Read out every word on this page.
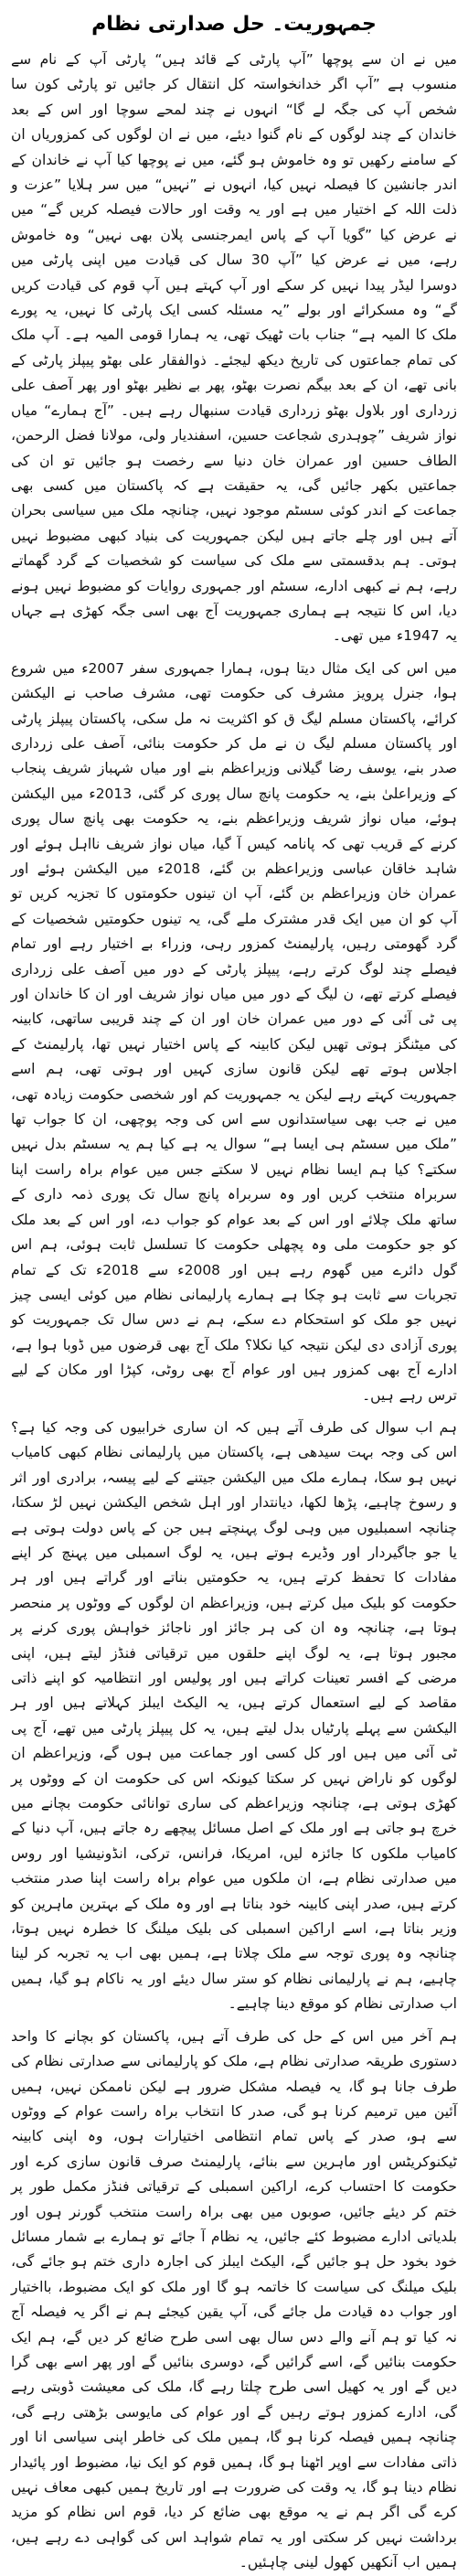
جمہوریت۔ حل صدارتی نظام

میں نے ان سے پوچھا ”آپ پارٹی کے قائد ہیں“ پارٹی آپ کے نام سے منسوب ہے ”آپ اگر خدانخواستہ کل انتقال کر جائیں تو پارٹی کون سا شخص آپ کی جگہ لے گا“ انہوں نے چند لمحے سوچا اور اس کے بعد خاندان کے چند لوگوں کے نام گنوا دیئے، میں نے ان لوگوں کی کمزوریاں ان کے سامنے رکھیں تو وہ خاموش ہو گئے، میں نے پوچھا کیا آپ نے خاندان کے اندر جانشین کا فیصلہ نہیں کیا، انہوں نے ”نہیں“ میں سر ہلایا ”عزت و ذلت اللہ کے اختیار میں ہے اور یہ وقت اور حالات فیصلہ کریں گے“ میں نے عرض کیا ”گویا آپ کے پاس ایمرجنسی پلان بھی نہیں“ وہ خاموش رہے، میں نے عرض کیا ”آپ 30 سال کی قیادت میں اپنی پارٹی میں دوسرا لیڈر پیدا نہیں کر سکے اور آپ کہتے ہیں آپ قوم کی قیادت کریں گے“ وہ مسکرائے اور بولے ”یہ مسئلہ کسی ایک پارٹی کا نہیں، یہ پورے ملک کا المیہ ہے“ جناب بات ٹھیک تھی، یہ ہمارا قومی المیہ ہے۔ آپ ملک کی تمام جماعتوں کی تاریخ دیکھ لیجئے۔ ذوالفقار علی بھٹو پیپلز پارٹی کے بانی تھے، ان کے بعد بیگم نصرت بھٹو، پھر بے نظیر بھٹو اور پھر آصف علی زرداری اور بلاول بھٹو زرداری قیادت سنبھال رہے ہیں۔ ”آج ہمارے“ میاں نواز شریف ”چوہدری شجاعت حسین، اسفندیار ولی، مولانا فضل الرحمن، الطاف حسین اور عمران خان دنیا سے رخصت ہو جائیں تو ان کی جماعتیں بکھر جائیں گی، یہ حقیقت ہے کہ پاکستان میں کسی بھی جماعت کے اندر کوئی سسٹم موجود نہیں، چنانچہ ملک میں سیاسی بحران آتے ہیں اور چلے جاتے ہیں لیکن جمہوریت کی بنیاد کبھی مضبوط نہیں ہوتی۔ ہم بدقسمتی سے ملک کی سیاست کو شخصیات کے گرد گھماتے رہے، ہم نے کبھی ادارے، سسٹم اور جمہوری روایات کو مضبوط نہیں ہونے دیا، اس کا نتیجہ ہے ہماری جمہوریت آج بھی اسی جگہ کھڑی ہے جہاں یہ 1947ء میں تھی۔

میں اس کی ایک مثال دیتا ہوں، ہمارا جمہوری سفر 2007ء میں شروع ہوا، جنرل پرویز مشرف کی حکومت تھی، مشرف صاحب نے الیکشن کرائے، پاکستان مسلم لیگ ق کو اکثریت نہ مل سکی، پاکستان پیپلز پارٹی اور پاکستان مسلم لیگ ن نے مل کر حکومت بنائی، آصف علی زرداری صدر بنے، یوسف رضا گیلانی وزیراعظم بنے اور میاں شہباز شریف پنجاب کے وزیراعلیٰ بنے، یہ حکومت پانچ سال پوری کر گئی، 2013ء میں الیکشن ہوئے، میاں نواز شریف وزیراعظم بنے، یہ حکومت بھی پانچ سال پوری کرنے کے قریب تھی کہ پانامہ کیس آ گیا، میاں نواز شریف نااہل ہوئے اور شاہد خاقان عباسی وزیراعظم بن گئے، 2018ء میں الیکشن ہوئے اور عمران خان وزیراعظم بن گئے، آپ ان تینوں حکومتوں کا تجزیہ کریں تو آپ کو ان میں ایک قدر مشترک ملے گی، یہ تینوں حکومتیں شخصیات کے گرد گھومتی رہیں، پارلیمنٹ کمزور رہی، وزراء بے اختیار رہے اور تمام فیصلے چند لوگ کرتے رہے، پیپلز پارٹی کے دور میں آصف علی زرداری فیصلے کرتے تھے، ن لیگ کے دور میں میاں نواز شریف اور ان کا خاندان اور پی ٹی آئی کے دور میں عمران خان اور ان کے چند قریبی ساتھی، کابینہ کی میٹنگز ہوتی تھیں لیکن کابینہ کے پاس اختیار نہیں تھا، پارلیمنٹ کے اجلاس ہوتے تھے لیکن قانون سازی کہیں اور ہوتی تھی، ہم اسے جمہوریت کہتے رہے لیکن یہ جمہوریت کم اور شخصی حکومت زیادہ تھی، میں نے جب بھی سیاستدانوں سے اس کی وجہ پوچھی، ان کا جواب تھا ”ملک میں سسٹم ہی ایسا ہے“ سوال یہ ہے کیا ہم یہ سسٹم بدل نہیں سکتے؟ کیا ہم ایسا نظام نہیں لا سکتے جس میں عوام براہ راست اپنا سربراہ منتخب کریں اور وہ سربراہ پانچ سال تک پوری ذمہ داری کے ساتھ ملک چلائے اور اس کے بعد عوام کو جواب دے، اور اس کے بعد ملک کو جو حکومت ملی وہ پچھلی حکومت کا تسلسل ثابت ہوئی، ہم اس گول دائرے میں گھوم رہے ہیں اور 2008ء سے 2018ء تک کے تمام تجربات سے ثابت ہو چکا ہے ہمارے پارلیمانی نظام میں کوئی ایسی چیز نہیں جو ملک کو استحکام دے سکے، ہم نے دس سال تک جمہوریت کو پوری آزادی دی لیکن نتیجہ کیا نکلا؟ ملک آج بھی قرضوں میں ڈوبا ہوا ہے، ادارے آج بھی کمزور ہیں اور عوام آج بھی روٹی، کپڑا اور مکان کے لیے ترس رہے ہیں۔

ہم اب سوال کی طرف آتے ہیں کہ ان ساری خرابیوں کی وجہ کیا ہے؟ اس کی وجہ بہت سیدھی ہے، پاکستان میں پارلیمانی نظام کبھی کامیاب نہیں ہو سکا، ہمارے ملک میں الیکشن جیتنے کے لیے پیسہ، برادری اور اثر و رسوخ چاہیے، پڑھا لکھا، دیانتدار اور اہل شخص الیکشن نہیں لڑ سکتا، چنانچہ اسمبلیوں میں وہی لوگ پہنچتے ہیں جن کے پاس دولت ہوتی ہے یا جو جاگیردار اور وڈیرے ہوتے ہیں، یہ لوگ اسمبلی میں پہنچ کر اپنے مفادات کا تحفظ کرتے ہیں، یہ حکومتیں بناتے اور گراتے ہیں اور ہر حکومت کو بلیک میل کرتے ہیں، وزیراعظم ان لوگوں کے ووٹوں پر منحصر ہوتا ہے، چنانچہ وہ ان کی ہر جائز اور ناجائز خواہش پوری کرنے پر مجبور ہوتا ہے، یہ لوگ اپنے حلقوں میں ترقیاتی فنڈز لیتے ہیں، اپنی مرضی کے افسر تعینات کراتے ہیں اور پولیس اور انتظامیہ کو اپنے ذاتی مقاصد کے لیے استعمال کرتے ہیں، یہ الیکٹ ایبلز کہلاتے ہیں اور ہر الیکشن سے پہلے پارٹیاں بدل لیتے ہیں، یہ کل پیپلز پارٹی میں تھے، آج پی ٹی آئی میں ہیں اور کل کسی اور جماعت میں ہوں گے، وزیراعظم ان لوگوں کو ناراض نہیں کر سکتا کیونکہ اس کی حکومت ان کے ووٹوں پر کھڑی ہوتی ہے، چنانچہ وزیراعظم کی ساری توانائی حکومت بچانے میں خرچ ہو جاتی ہے اور ملک کے اصل مسائل پیچھے رہ جاتے ہیں، آپ دنیا کے کامیاب ملکوں کا جائزہ لیں، امریکا، فرانس، ترکی، انڈونیشیا اور روس میں صدارتی نظام ہے، ان ملکوں میں عوام براہ راست اپنا صدر منتخب کرتے ہیں، صدر اپنی کابینہ خود بناتا ہے اور وہ ملک کے بہترین ماہرین کو وزیر بناتا ہے، اسے اراکین اسمبلی کی بلیک میلنگ کا خطرہ نہیں ہوتا، چنانچہ وہ پوری توجہ سے ملک چلاتا ہے، ہمیں بھی اب یہ تجربہ کر لینا چاہیے، ہم نے پارلیمانی نظام کو ستر سال دیئے اور یہ ناکام ہو گیا، ہمیں اب صدارتی نظام کو موقع دینا چاہیے۔

ہم آخر میں اس کے حل کی طرف آتے ہیں، پاکستان کو بچانے کا واحد دستوری طریقہ صدارتی نظام ہے، ملک کو پارلیمانی سے صدارتی نظام کی طرف جانا ہو گا، یہ فیصلہ مشکل ضرور ہے لیکن ناممکن نہیں، ہمیں آئین میں ترمیم کرنا ہو گی، صدر کا انتخاب براہ راست عوام کے ووٹوں سے ہو، صدر کے پاس تمام انتظامی اختیارات ہوں، وہ اپنی کابینہ ٹیکنوکریٹس اور ماہرین سے بنائے، پارلیمنٹ صرف قانون سازی کرے اور حکومت کا احتساب کرے، اراکین اسمبلی کے ترقیاتی فنڈز مکمل طور پر ختم کر دیئے جائیں، صوبوں میں بھی براہ راست منتخب گورنر ہوں اور بلدیاتی ادارے مضبوط کئے جائیں، یہ نظام آ جائے تو ہمارے بے شمار مسائل خود بخود حل ہو جائیں گے، الیکٹ ایبلز کی اجارہ داری ختم ہو جائے گی، بلیک میلنگ کی سیاست کا خاتمہ ہو گا اور ملک کو ایک مضبوط، بااختیار اور جواب دہ قیادت مل جائے گی، آپ یقین کیجئے ہم نے اگر یہ فیصلہ آج نہ کیا تو ہم آنے والے دس سال بھی اسی طرح ضائع کر دیں گے، ہم ایک حکومت بنائیں گے، اسے گرائیں گے، دوسری بنائیں گے اور پھر اسے بھی گرا دیں گے اور یہ کھیل اسی طرح چلتا رہے گا، ملک کی معیشت ڈوبتی رہے گی، ادارے کمزور ہوتے رہیں گے اور عوام کی مایوسی بڑھتی رہے گی، چنانچہ ہمیں فیصلہ کرنا ہو گا، ہمیں ملک کی خاطر اپنی سیاسی انا اور ذاتی مفادات سے اوپر اٹھنا ہو گا، ہمیں قوم کو ایک نیا، مضبوط اور پائیدار نظام دینا ہو گا، یہ وقت کی ضرورت ہے اور تاریخ ہمیں کبھی معاف نہیں کرے گی اگر ہم نے یہ موقع بھی ضائع کر دیا، قوم اس نظام کو مزید برداشت نہیں کر سکتی اور یہ تمام شواہد اس کی گواہی دے رہے ہیں، ہمیں اب آنکھیں کھول لینی چاہئیں۔
